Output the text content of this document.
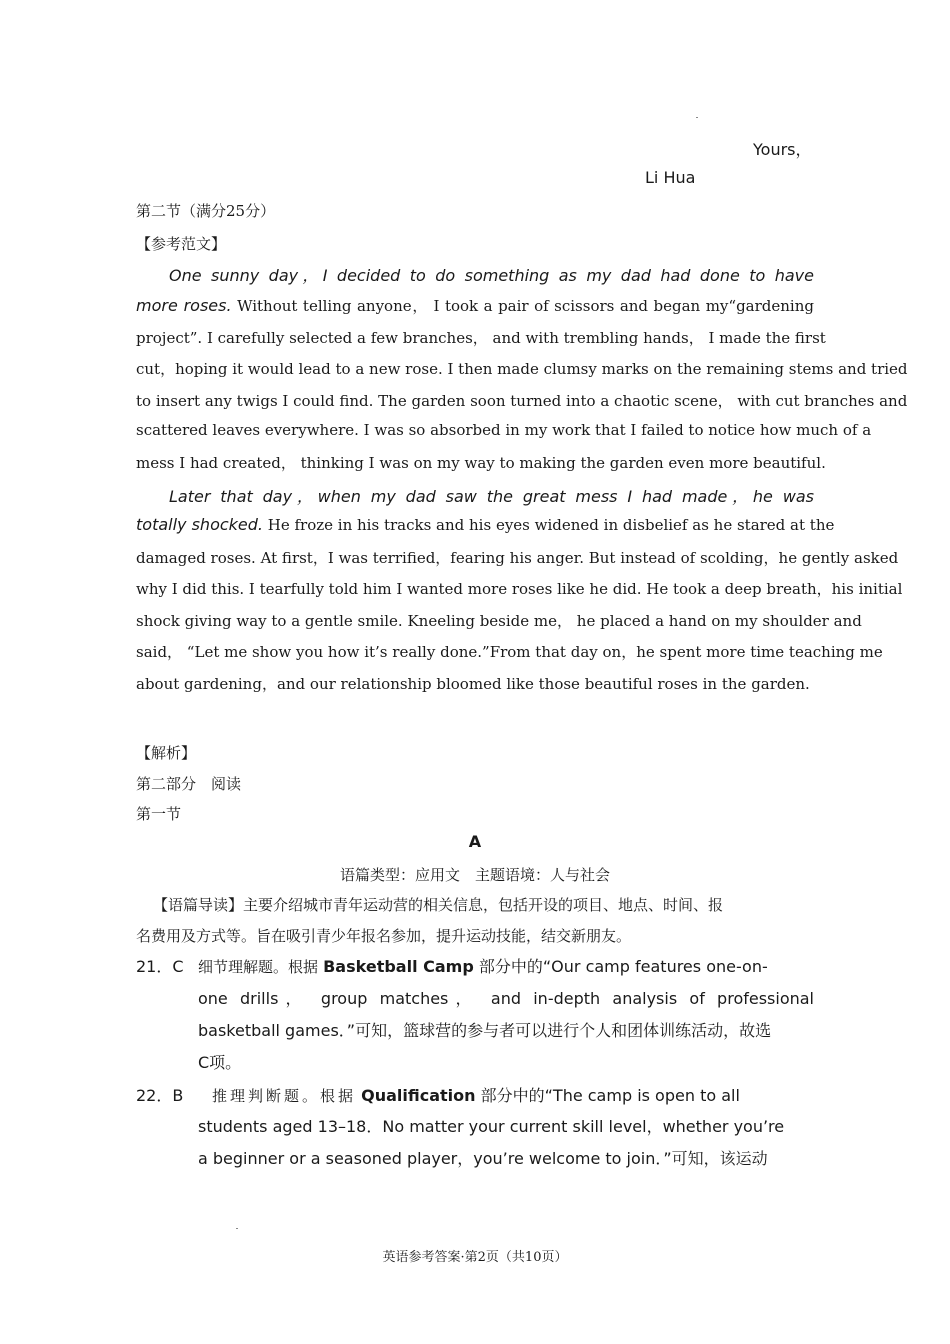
Yours，
Li Hua
第二节（满分25分）
【参考范文】
One sunny day，I decided to do something as my dad had done to have
more roses. Without telling anyone， I took a pair of scissors and began my“gardening
project”. I carefully selected a few branches， and with trembling hands， I made the first
cut，hoping it would lead to a new rose. I then made clumsy marks on the remaining stems and tried
to insert any twigs I could find. The garden soon turned into a chaotic scene， with cut branches and
scattered leaves everywhere. I was so absorbed in my work that I failed to notice how much of a
mess I had created， thinking I was on my way to making the garden even more beautiful.
Later that day，when my dad saw the great mess I had made，he was
totally shocked. He froze in his tracks and his eyes widened in disbelief as he stared at the
damaged roses. At first，I was terrified，fearing his anger. But instead of scolding，he gently asked
why I did this. I tearfully told him I wanted more roses like he did. He took a deep breath，his initial
shock giving way to a gentle smile. Kneeling beside me， he placed a hand on my shoulder and
said， “Let me show you how it’s really done.”From that day on，he spent more time teaching me
about gardening，and our relationship bloomed like those beautiful roses in the garden.
【解析】
第二部分　阅读
第一节
A
语篇类型：应用文　主题语境：人与社会
【语篇导读】主要介绍城市青年运动营的相关信息，包括开设的项目、地点、时间、报
名费用及方式等。旨在吸引青少年报名参加，提升运动技能，结交新朋友。
21．C 细节理解题。根据 Basketball Camp 部分中的“Our camp features one-on-
one drills， group matches， and in-depth analysis of professional
basketball games．”可知，篮球营的参与者可以进行个人和团体训练活动，故选
C项。
22．B 推理判断题。根据 Qualification 部分中的“The camp is open to all
students aged 13–18．No matter your current skill level，whether you’re
a beginner or a seasoned player，you’re welcome to join．”可知，该运动
英语参考答案·第2页（共10页）
